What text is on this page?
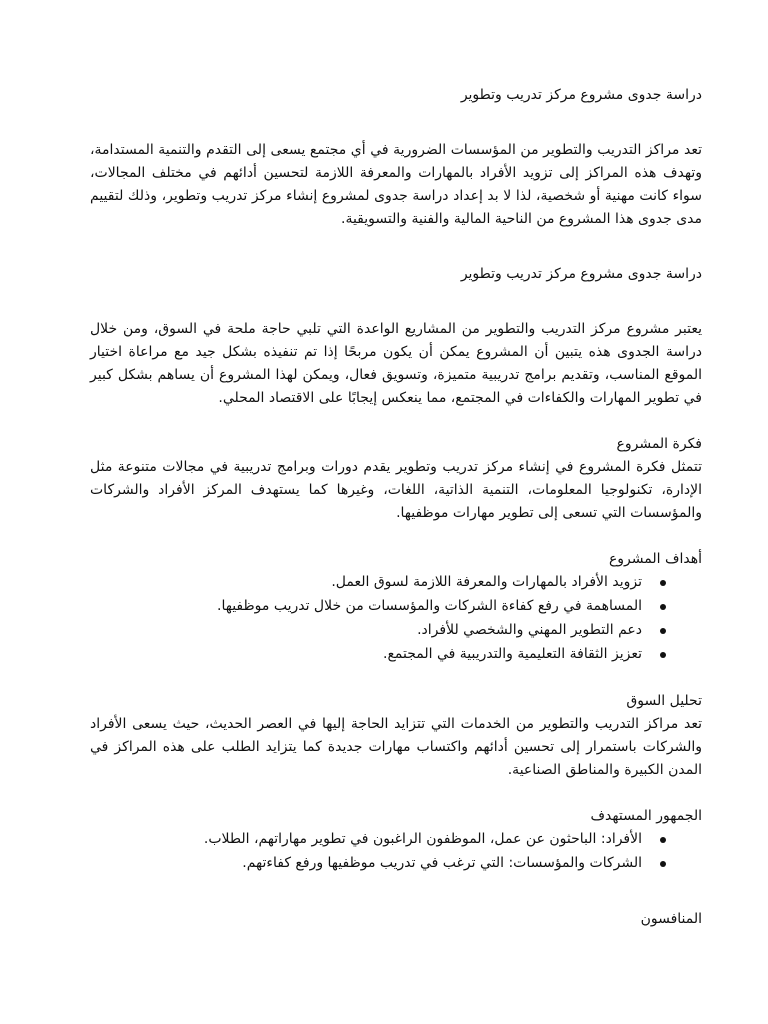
دراسة جدوى مشروع مركز تدريب وتطوير

تعد مراكز التدريب والتطوير من المؤسسات الضرورية في أي مجتمع يسعى إلى التقدم والتنمية المستدامة، وتهدف هذه المراكز إلى تزويد الأفراد بالمهارات والمعرفة اللازمة لتحسين أدائهم في مختلف المجالات، سواء كانت مهنية أو شخصية، لذا لا بد إعداد دراسة جدوى لمشروع إنشاء مركز تدريب وتطوير، وذلك لتقييم مدى جدوى هذا المشروع من الناحية المالية والفنية والتسويقية.

دراسة جدوى مشروع مركز تدريب وتطوير

يعتبر مشروع مركز التدريب والتطوير من المشاريع الواعدة التي تلبي حاجة ملحة في السوق، ومن خلال دراسة الجدوى هذه يتبين أن المشروع يمكن أن يكون مربحًا إذا تم تنفيذه بشكل جيد مع مراعاة اختيار الموقع المناسب، وتقديم برامج تدريبية متميزة، وتسويق فعال، ويمكن لهذا المشروع أن يساهم بشكل كبير في تطوير المهارات والكفاءات في المجتمع، مما ينعكس إيجابًا على الاقتصاد المحلي.

فكرة المشروع

تتمثل فكرة المشروع في إنشاء مركز تدريب وتطوير يقدم دورات وبرامج تدريبية في مجالات متنوعة مثل الإدارة، تكنولوجيا المعلومات، التنمية الذاتية، اللغات، وغيرها كما يستهدف المركز الأفراد والشركات والمؤسسات التي تسعى إلى تطوير مهارات موظفيها.

أهداف المشروع

تزويد الأفراد بالمهارات والمعرفة اللازمة لسوق العمل.
المساهمة في رفع كفاءة الشركات والمؤسسات من خلال تدريب موظفيها.
دعم التطوير المهني والشخصي للأفراد.
تعزيز الثقافة التعليمية والتدريبية في المجتمع.

تحليل السوق

تعد مراكز التدريب والتطوير من الخدمات التي تتزايد الحاجة إليها في العصر الحديث، حيث يسعى الأفراد والشركات باستمرار إلى تحسين أدائهم واكتساب مهارات جديدة كما يتزايد الطلب على هذه المراكز في المدن الكبيرة والمناطق الصناعية.

الجمهور المستهدف

الأفراد: الباحثون عن عمل، الموظفون الراغبون في تطوير مهاراتهم، الطلاب.
الشركات والمؤسسات: التي ترغب في تدريب موظفيها ورفع كفاءتهم.

المنافسون
